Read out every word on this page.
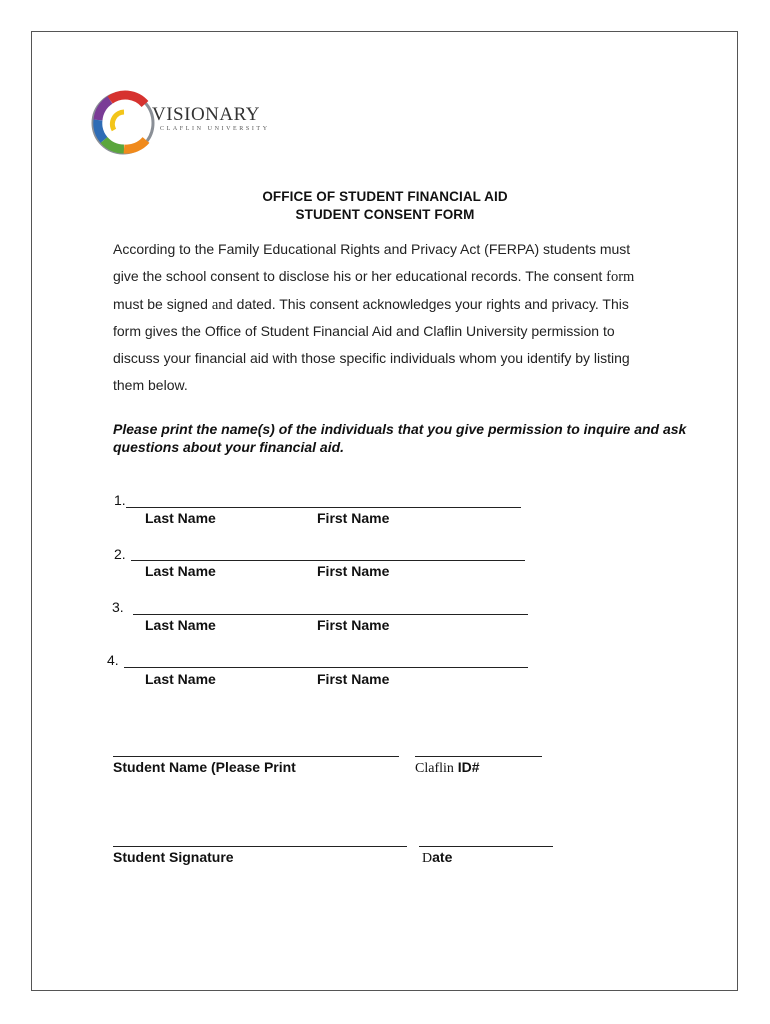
VISIONARY
CLAFLIN UNIVERSITY
OFFICE OF STUDENT FINANCIAL AID
STUDENT CONSENT FORM
According to the Family Educational Rights and Privacy Act (FERPA) students must
give the school consent to disclose his or her educational records. The consent form
must be signed and dated. This consent acknowledges your rights and privacy. This
form gives the Office of Student Financial Aid and Claflin University permission to
discuss your financial aid with those specific individuals whom you identify by listing
them below.
Please print the name(s) of the individuals that you give permission to inquire and ask questions about your financial aid.
1.
Last Name	First Name
2.
Last Name	First Name
3.
Last Name	First Name
4.
Last Name	First Name
Student Name (Please Print	Claflin ID#
Student Signature	Date
